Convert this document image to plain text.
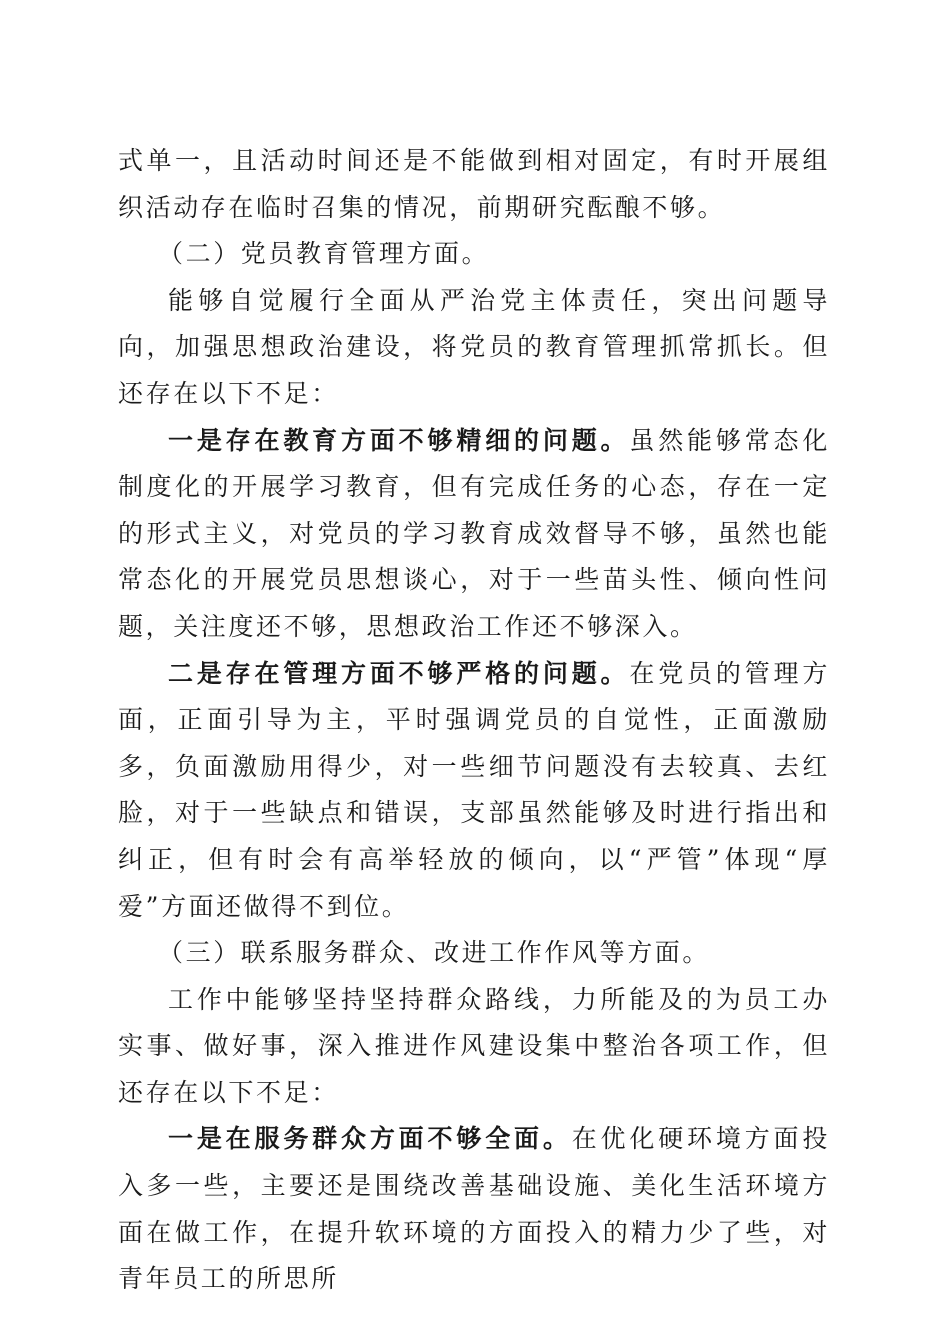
式单一，且活动时间还是不能做到相对固定，有时开展组织活动存在临时召集的情况，前期研究酝酿不够。

（二）党员教育管理方面。

能够自觉履行全面从严治党主体责任，突出问题导向，加强思想政治建设，将党员的教育管理抓常抓长。但还存在以下不足：

一是存在教育方面不够精细的问题。虽然能够常态化制度化的开展学习教育，但有完成任务的心态，存在一定的形式主义，对党员的学习教育成效督导不够，虽然也能常态化的开展党员思想谈心，对于一些苗头性、倾向性问题，关注度还不够，思想政治工作还不够深入。

二是存在管理方面不够严格的问题。在党员的管理方面，正面引导为主，平时强调党员的自觉性，正面激励多，负面激励用得少，对一些细节问题没有去较真、去红脸，对于一些缺点和错误，支部虽然能够及时进行指出和纠正，但有时会有高举轻放的倾向，以“严管”体现“厚爱”方面还做得不到位。

（三）联系服务群众、改进工作作风等方面。

工作中能够坚持坚持群众路线，力所能及的为员工办实事、做好事，深入推进作风建设集中整治各项工作，但还存在以下不足：

一是在服务群众方面不够全面。在优化硬环境方面投入多一些，主要还是围绕改善基础设施、美化生活环境方面在做工作，在提升软环境的方面投入的精力少了些，对青年员工的所思所
